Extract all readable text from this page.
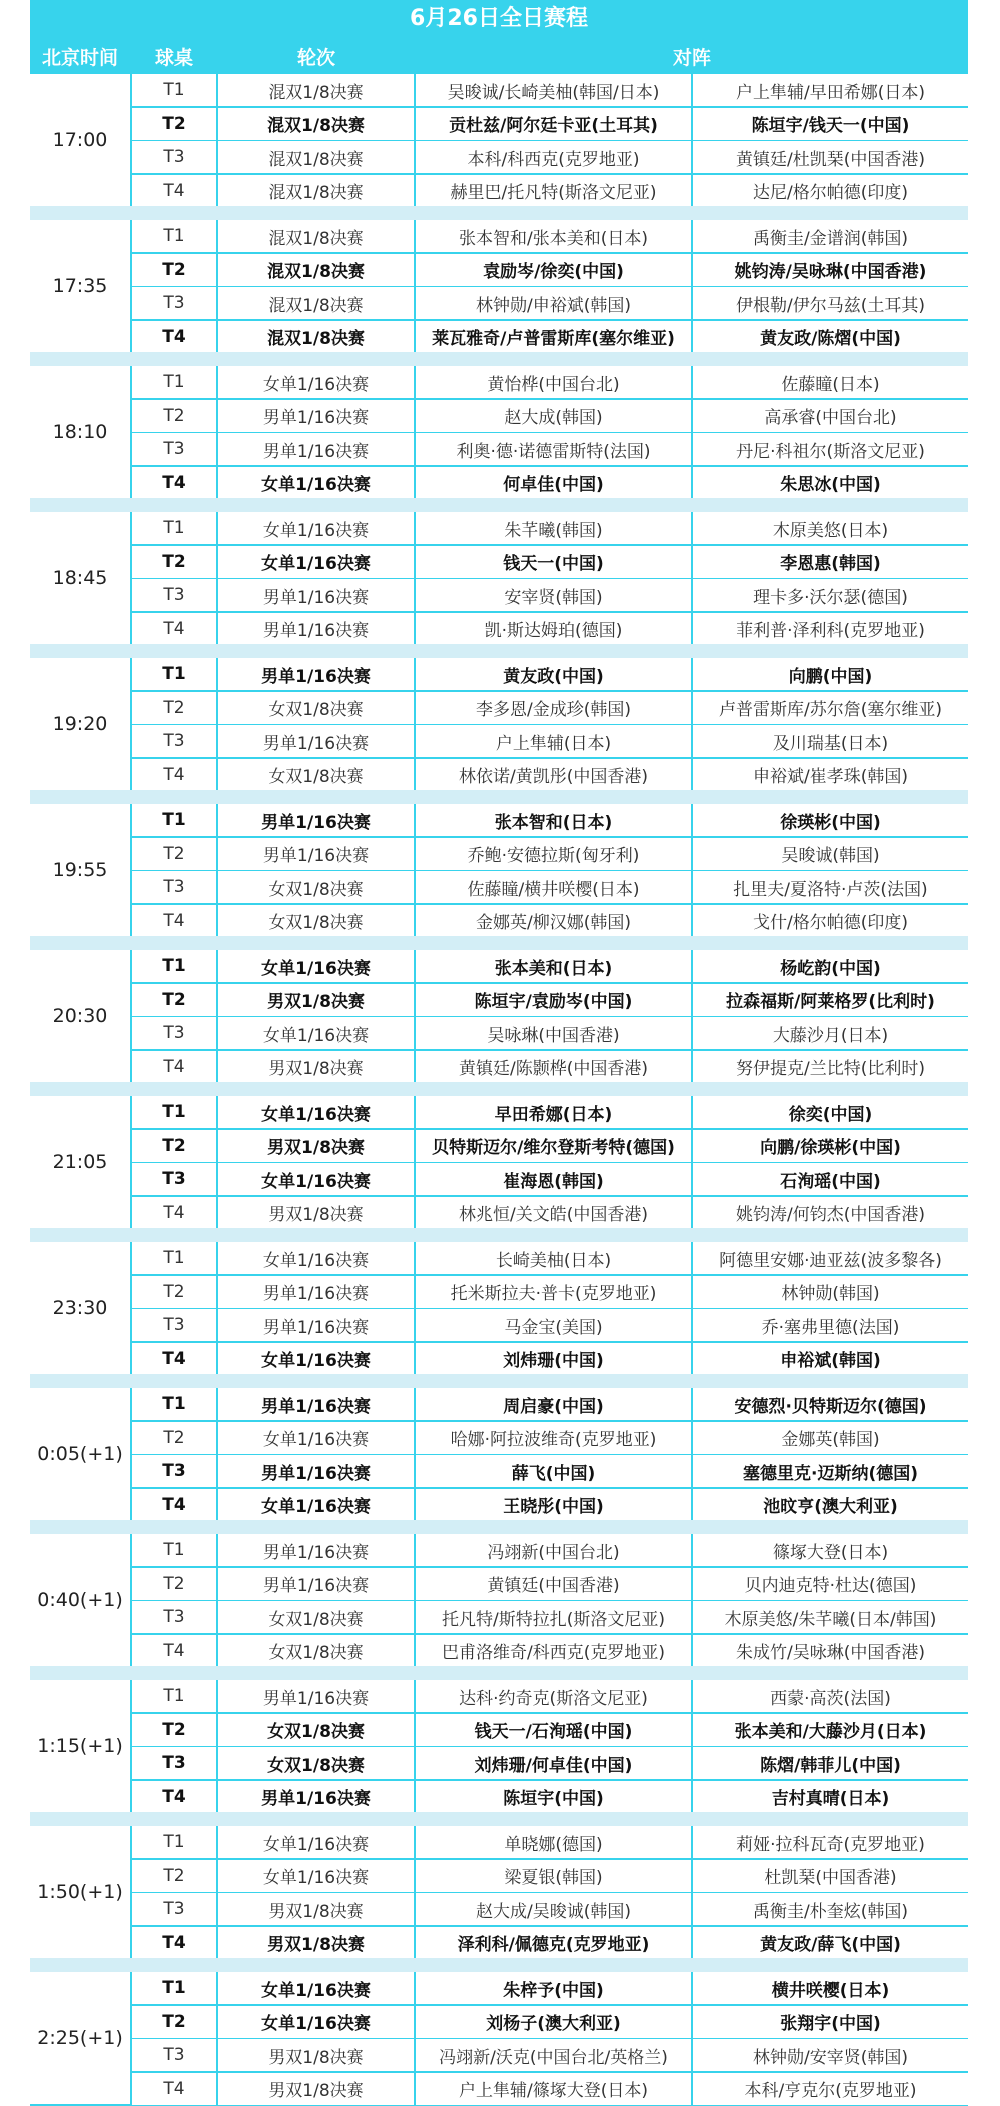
6月26日全日赛程
北京时间	球桌	轮次	对阵
17:00
T1	混双1/8决赛	吴晙诚/长崎美柚(韩国/日本)	户上隼辅/早田希娜(日本)
T2	混双1/8决赛	贡杜兹/阿尔廷卡亚(土耳其)	陈垣宇/钱天一(中国)
T3	混双1/8决赛	本科/科西克(克罗地亚)	黄镇廷/杜凯琹(中国香港)
T4	混双1/8决赛	赫里巴/托凡特(斯洛文尼亚)	达尼/格尔帕德(印度)
17:35
T1	混双1/8决赛	张本智和/张本美和(日本)	禹衡圭/金谱润(韩国)
T2	混双1/8决赛	袁励岑/徐奕(中国)	姚钧涛/吴咏琳(中国香港)
T3	混双1/8决赛	林钟勋/申裕斌(韩国)	伊根勒/伊尔马兹(土耳其)
T4	混双1/8决赛	莱瓦雅奇/卢普雷斯库(塞尔维亚)	黄友政/陈熠(中国)
18:10
T1	女单1/16决赛	黄怡桦(中国台北)	佐藤瞳(日本)
T2	男单1/16决赛	赵大成(韩国)	高承睿(中国台北)
T3	男单1/16决赛	利奥·德·诺德雷斯特(法国)	丹尼·科祖尔(斯洛文尼亚)
T4	女单1/16决赛	何卓佳(中国)	朱思冰(中国)
18:45
T1	女单1/16决赛	朱芊曦(韩国)	木原美悠(日本)
T2	女单1/16决赛	钱天一(中国)	李恩惠(韩国)
T3	男单1/16决赛	安宰贤(韩国)	理卡多·沃尔瑟(德国)
T4	男单1/16决赛	凯·斯达姆珀(德国)	菲利普·泽利科(克罗地亚)
19:20
T1	男单1/16决赛	黄友政(中国)	向鹏(中国)
T2	女双1/8决赛	李多恩/金成珍(韩国)	卢普雷斯库/苏尔詹(塞尔维亚)
T3	男单1/16决赛	户上隼辅(日本)	及川瑞基(日本)
T4	女双1/8决赛	林依诺/黄凯彤(中国香港)	申裕斌/崔孝珠(韩国)
19:55
T1	男单1/16决赛	张本智和(日本)	徐瑛彬(中国)
T2	男单1/16决赛	乔鲍·安德拉斯(匈牙利)	吴晙诚(韩国)
T3	女双1/8决赛	佐藤瞳/横井咲樱(日本)	扎里夫/夏洛特·卢茨(法国)
T4	女双1/8决赛	金娜英/柳汉娜(韩国)	戈什/格尔帕德(印度)
20:30
T1	女单1/16决赛	张本美和(日本)	杨屹韵(中国)
T2	男双1/8决赛	陈垣宇/袁励岑(中国)	拉森福斯/阿莱格罗(比利时)
T3	女单1/16决赛	吴咏琳(中国香港)	大藤沙月(日本)
T4	男双1/8决赛	黄镇廷/陈颢桦(中国香港)	努伊提克/兰比特(比利时)
21:05
T1	女单1/16决赛	早田希娜(日本)	徐奕(中国)
T2	男双1/8决赛	贝特斯迈尔/维尔登斯考特(德国)	向鹏/徐瑛彬(中国)
T3	女单1/16决赛	崔海恩(韩国)	石洵瑶(中国)
T4	男双1/8决赛	林兆恒/关文皓(中国香港)	姚钧涛/何钧杰(中国香港)
23:30
T1	女单1/16决赛	长崎美柚(日本)	阿德里安娜·迪亚兹(波多黎各)
T2	男单1/16决赛	托米斯拉夫·普卡(克罗地亚)	林钟勋(韩国)
T3	男单1/16决赛	马金宝(美国)	乔·塞弗里德(法国)
T4	女单1/16决赛	刘炜珊(中国)	申裕斌(韩国)
0:05(+1)
T1	男单1/16决赛	周启豪(中国)	安德烈·贝特斯迈尔(德国)
T2	女单1/16决赛	哈娜·阿拉波维奇(克罗地亚)	金娜英(韩国)
T3	男单1/16决赛	薛飞(中国)	塞德里克·迈斯纳(德国)
T4	女单1/16决赛	王晓彤(中国)	池旼亨(澳大利亚)
0:40(+1)
T1	男单1/16决赛	冯翊新(中国台北)	篠塚大登(日本)
T2	男单1/16决赛	黄镇廷(中国香港)	贝内迪克特·杜达(德国)
T3	女双1/8决赛	托凡特/斯特拉扎(斯洛文尼亚)	木原美悠/朱芊曦(日本/韩国)
T4	女双1/8决赛	巴甫洛维奇/科西克(克罗地亚)	朱成竹/吴咏琳(中国香港)
1:15(+1)
T1	男单1/16决赛	达科·约奇克(斯洛文尼亚)	西蒙·高茨(法国)
T2	女双1/8决赛	钱天一/石洵瑶(中国)	张本美和/大藤沙月(日本)
T3	女双1/8决赛	刘炜珊/何卓佳(中国)	陈熠/韩菲儿(中国)
T4	男单1/16决赛	陈垣宇(中国)	吉村真晴(日本)
1:50(+1)
T1	女单1/16决赛	单晓娜(德国)	莉娅·拉科瓦奇(克罗地亚)
T2	女单1/16决赛	梁夏银(韩国)	杜凯琹(中国香港)
T3	男双1/8决赛	赵大成/吴晙诚(韩国)	禹衡圭/朴奎炫(韩国)
T4	男双1/8决赛	泽利科/佩德克(克罗地亚)	黄友政/薛飞(中国)
2:25(+1)
T1	女单1/16决赛	朱梓予(中国)	横井咲樱(日本)
T2	女单1/16决赛	刘杨子(澳大利亚)	张翔宇(中国)
T3	男双1/8决赛	冯翊新/沃克(中国台北/英格兰)	林钟勋/安宰贤(韩国)
T4	男双1/8决赛	户上隼辅/篠塚大登(日本)	本科/亨克尔(克罗地亚)
